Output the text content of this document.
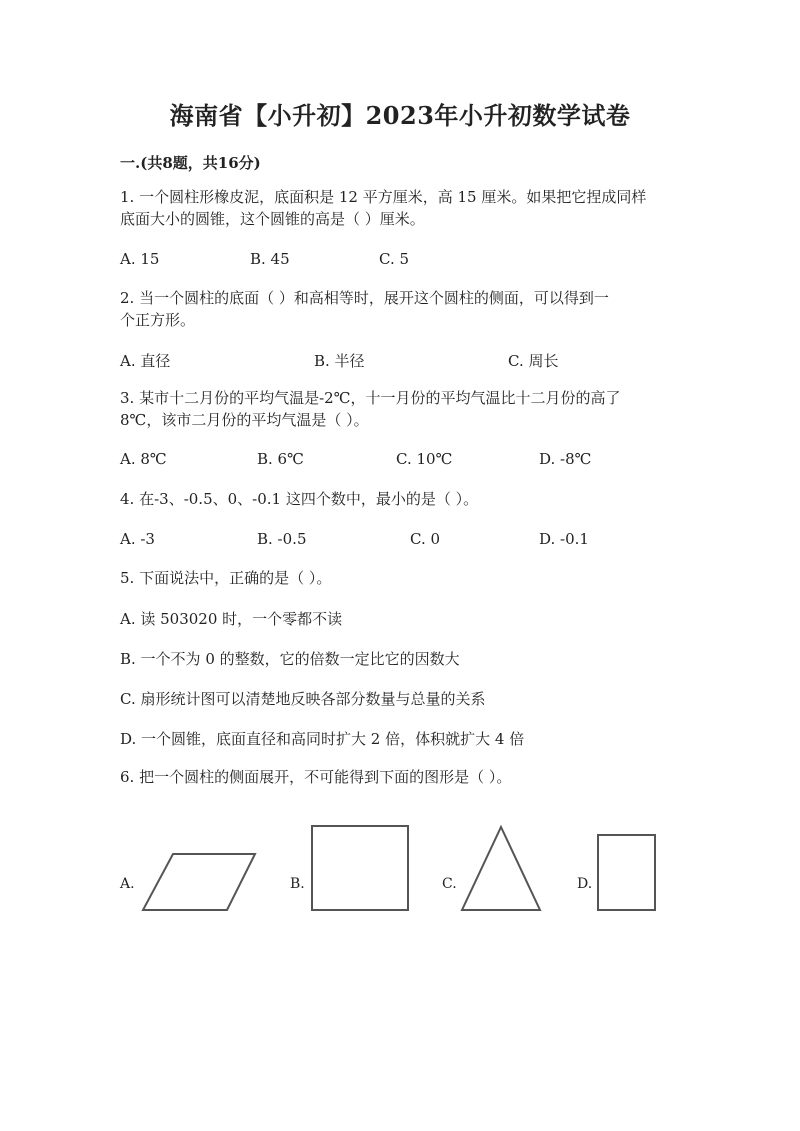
海南省【小升初】2023年小升初数学试卷
一.(共8题，共16分)
1. 一个圆柱形橡皮泥，底面积是 12 平方厘米，高 15 厘米。如果把它捏成同样
底面大小的圆锥，这个圆锥的高是（ ）厘米。
A. 15	B. 45	C. 5
2. 当一个圆柱的底面（ ）和高相等时，展开这个圆柱的侧面，可以得到一
个正方形。
A. 直径	B. 半径	C. 周长
3. 某市十二月份的平均气温是-2℃，十一月份的平均气温比十二月份的高了
8℃，该市二月份的平均气温是（ ）。
A. 8℃	B. 6℃	C. 10℃	D. -8℃
4. 在-3、-0.5、0、-0.1 这四个数中，最小的是（ ）。
A. -3	B. -0.5	C. 0	D. -0.1
5. 下面说法中，正确的是（ ）。
A. 读 503020 时，一个零都不读
B. 一个不为 0 的整数，它的倍数一定比它的因数大
C. 扇形统计图可以清楚地反映各部分数量与总量的关系
D. 一个圆锥，底面直径和高同时扩大 2 倍，体积就扩大 4 倍
6. 把一个圆柱的侧面展开，不可能得到下面的图形是（ ）。
A.	B.	C.	D.
